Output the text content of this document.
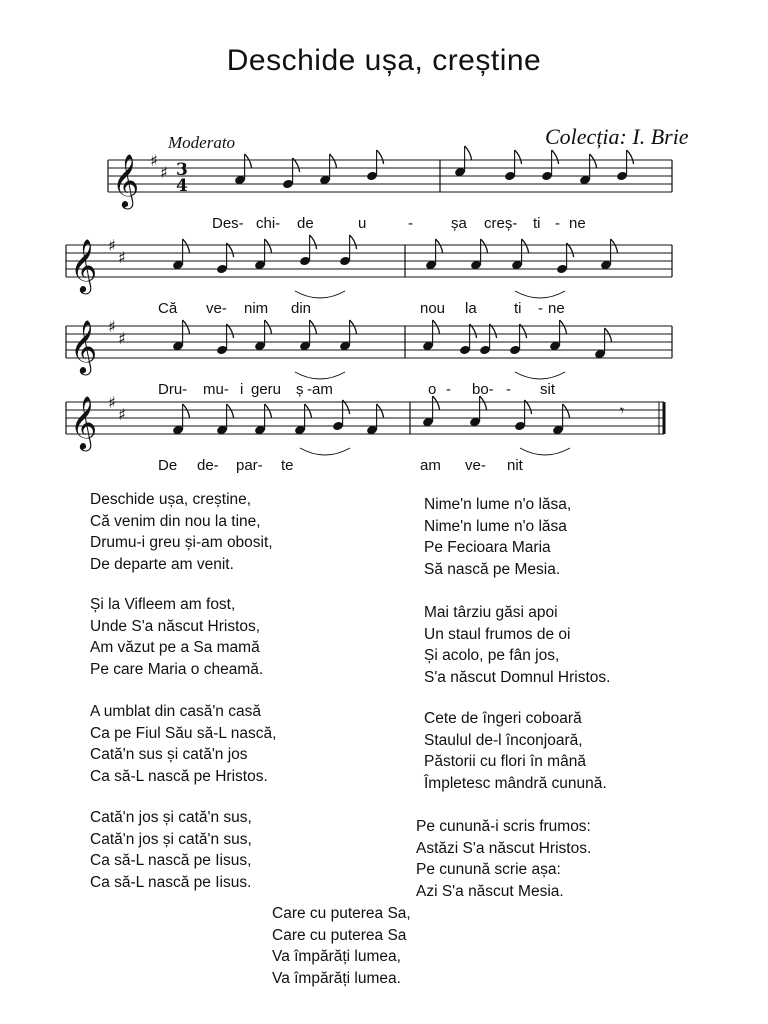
Deschide ușa, creștine
Colecția: I. Brie
Moderato
𝄞 ♯
♯ 3
4
𝄞 ♯
♯
𝄞 ♯
♯
𝄞 ♯
♯	𝄾
Des- chi- de	u	-	șa creș- ti - ne
Că ve- nim din	nou la ti - ne
Dru- mu- i geru ș -am	o - bo- - sit
De de- par- te	am ve- nit
Deschide ușa, creștine,
Că venim din nou la tine,
Drumu-i greu și-am obosit,
De departe am venit.
Și la Vifleem am fost,
Unde S'a născut Hristos,
Am văzut pe a Sa mamă
Pe care Maria o cheamă.
A umblat din casă'n casă
Ca pe Fiul Său să-L nască,
Cată'n sus și cată'n jos
Ca să-L nască pe Hristos.
Cată'n jos și cată'n sus,
Cată'n jos și cată'n sus,
Ca să-L nască pe Iisus,
Ca să-L nască pe Iisus.
Nime'n lume n'o lăsa,
Nime'n lume n'o lăsa
Pe Fecioara Maria
Să nască pe Mesia.
Mai târziu găsi apoi
Un staul frumos de oi
Și acolo, pe fân jos,
S'a născut Domnul Hristos.
Cete de îngeri coboară
Staulul de-l înconjoară,
Păstorii cu flori în mână
Împletesc mândră cunună.
Pe cunună-i scris frumos:
Astăzi S'a născut Hristos.
Pe cunună scrie așa:
Azi S'a născut Mesia.
Care cu puterea Sa,
Care cu puterea Sa
Va împărăți lumea,
Va împărăți lumea.
